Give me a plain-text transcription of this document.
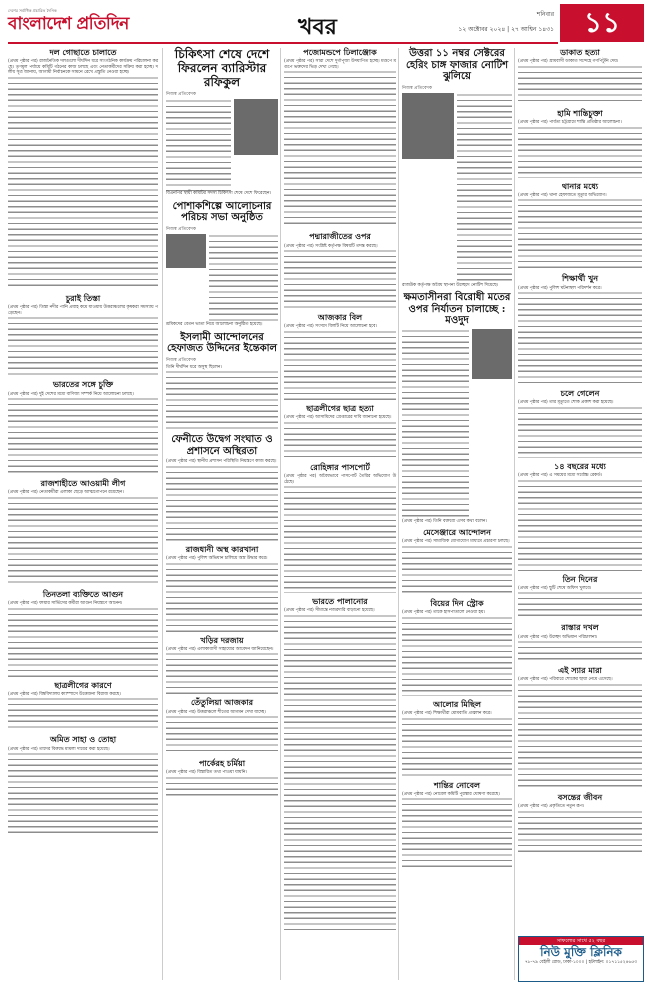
দেশের সর্বাধিক প্রচারিত দৈনিক
বাংলাদেশ প্রতিদিন	খবর	শনিবার
১২ অক্টোবর ২০২৪ | ২৭ আশ্বিন ১৪৩১	১১
দল গোছাতে চালাতে
(প্রথম পৃষ্ঠার পর) রাজনৈতিক দলগুলো দীর্ঘদিন ধরে সাংগঠনিক কার্যক্রম পরিচালনা করছে। তৃণমূল পর্যায়ে কমিটি গঠনের কাজ চলছে এবং নেতাকর্মীদের সক্রিয় করা হচ্ছে। দলীয় সূত্র জানায়, আগামী নির্বাচনকে সামনে রেখে প্রস্তুতি নেওয়া হচ্ছে।
চুরাই তিস্তা
(প্রথম পৃষ্ঠার পর) তিস্তা নদীর পানি প্রবাহ কমে যাওয়ায় উত্তরাঞ্চলের কৃষকরা সমস্যায় পড়েছেন।
ভারতের সঙ্গে চুক্তি
(প্রথম পৃষ্ঠার পর) দুই দেশের মধ্যে বাণিজ্য সম্পর্ক নিয়ে আলোচনা চলছে।
রাজশাহীতে আওয়ামী লীগ
(প্রথম পৃষ্ঠার পর) নেতাকর্মীরা এলাকা ছেড়ে আত্মগোপনে রয়েছেন।
তিনতলা ব্যক্তিতে আগুন
(প্রথম পৃষ্ঠার পর) ফায়ার সার্ভিসের কর্মীরা আগুন নিয়ন্ত্রণে আনেন।
ছাত্রলীগের কারণে
(প্রথম পৃষ্ঠার পর) বিশ্ববিদ্যালয় ক্যাম্পাসে উত্তেজনা বিরাজ করছে।
অমিত সাহা ও তোহা
(প্রথম পৃষ্ঠার পর) তাদের বিরুদ্ধে মামলা দায়ের করা হয়েছে।
চিকিৎসা শেষে দেশে ফিরলেন ব্যারিস্টার রফিকুল
নিজস্ব প্রতিবেদক
বিএনপির স্থায়ী কমিটির সদস্য চিকিৎসা শেষে দেশে ফিরেছেন।
পোশাকশিল্পে আলোচনার পরিচয় সভা অনুষ্ঠিত
নিজস্ব প্রতিবেদক
শ্রমিকদের বেতন ভাতা নিয়ে আলোচনা অনুষ্ঠিত হয়েছে।
ইসলামী আন্দোলনের হেফাজত উদ্দিনের ইন্তেকাল
নিজস্ব প্রতিবেদক
তিনি দীর্ঘদিন ধরে অসুস্থ ছিলেন।
ফেনীতে উদ্বেগ সংঘাত ও প্রশাসনে অস্থিরতা
(প্রথম পৃষ্ঠার পর) স্থানীয় প্রশাসন পরিস্থিতি নিয়ন্ত্রণে কাজ করছে।
রাজধানী অস্থ কারখানা
(প্রথম পৃষ্ঠার পর) পুলিশ অভিযান চালিয়ে অস্ত্র উদ্ধার করে।
খড়ির দরজায়
(প্রথম পৃষ্ঠার পর) এলাকাবাসী সাহায্যের আবেদন জানিয়েছেন।
তেঁতুলিয়া আজকার
(প্রথম পৃষ্ঠার পর) উত্তরাঞ্চলে শীতের আগমন দেখা যাচ্ছে।
পার্কেরহ চর্মিয়া
(প্রথম পৃষ্ঠার পর) বিস্তারিত তথ্য পাওয়া যায়নি।
পজোমন্ডপে ঢিলাঞ্জোক
(প্রথম পৃষ্ঠার পর) সারা দেশে দুর্গাপূজা উদযাপিত হচ্ছে। মণ্ডপে মণ্ডপে ভক্তদের ভিড় দেখা গেছে।
পদ্মারাজীতের ওপর
(প্রথম পৃষ্ঠার পর) সংশ্লিষ্ট কর্তৃপক্ষ বিষয়টি তদন্ত করছে।
আজকার বিল
(প্রথম পৃষ্ঠার পর) সংসদে বিলটি নিয়ে আলোচনা হবে।
ছাত্রলীগের ছাত্র হত্যা
(প্রথম পৃষ্ঠার পর) আসামিদের গ্রেপ্তারের দাবি জানানো হয়েছে।
রোহিঙ্গার পাসপোর্ট
(প্রথম পৃষ্ঠার পর) অবৈধভাবে পাসপোর্ট তৈরির অভিযোগ উঠেছে।
ভারতে পালানোর
(প্রথম পৃষ্ঠার পর) সীমান্তে নজরদারি বাড়ানো হয়েছে।
উত্তরা ১১ নম্বর সেক্টরের হেরিং চাঙ্গ ফাজার নোটিশ ঝুলিয়ে
নিজস্ব প্রতিবেদক
রাজউক কর্তৃপক্ষ অবৈধ স্থাপনা উচ্ছেদে নোটিশ দিয়েছে।
ক্ষমতাসীনরা বিরোধী মতের ওপর নির্যাতন চালাচ্ছে : মওদুদ
(প্রথম পৃষ্ঠার পর) তিনি বক্তব্যে এসব কথা বলেন।
মেসেঞ্জারে আন্দোলন
(প্রথম পৃষ্ঠার পর) সামাজিক যোগাযোগ মাধ্যমে প্রচারণা চলছে।
বিয়ের দিন স্ট্রোক
(প্রথম পৃষ্ঠার পর) তাকে হাসপাতালে নেওয়া হয়।
আলোর মিছিল
(প্রথম পৃষ্ঠার পর) শিক্ষার্থীরা মোমবাতি প্রজ্বলন করে।
শান্তির নোবেল
(প্রথম পৃষ্ঠার পর) নোবেল কমিটি পুরস্কার ঘোষণা করেছে।
ডাকাত হত্যা
(প্রথম পৃষ্ঠার পর) গ্রামবাসী ডাকাত সন্দেহে গণপিটুনি দেয়।
হামি শান্তিচুক্তা
(প্রথম পৃষ্ঠার পর) পার্বত্য চট্টগ্রামে শান্তি প্রতিষ্ঠার আলোচনা।
থানার মধ্যে
(প্রথম পৃষ্ঠার পর) থানা হেফাজতে মৃত্যুর অভিযোগ।
শিক্ষার্থী খুন
(প্রথম পৃষ্ঠার পর) পুলিশ ঘটনাস্থল পরিদর্শন করে।
চলে গেলেন
(প্রথম পৃষ্ঠার পর) তার মৃত্যুতে শোক প্রকাশ করা হয়েছে।
১৪ বছরের মধ্যে
(প্রথম পৃষ্ঠার পর) এ সময়ের মধ্যে সর্বোচ্চ রেকর্ড।
তিন দিনের
(প্রথম পৃষ্ঠার পর) ছুটি শেষে অফিস খুলবে।
রাস্তার দখল
(প্রথম পৃষ্ঠার পর) উচ্ছেদ অভিযান পরিচালনা।
এই স্যার মারা
(প্রথম পৃষ্ঠার পর) পরিবারে শোকের ছায়া নেমে এসেছে।
বসন্তের জীবন
(প্রথম পৃষ্ঠার পর) প্রকৃতিতে নতুন রূপ।
সাফল্যের সাথে ৫২ বছর
নিউ মুক্তি ক্লিনিক
৭৮-৭৯ বেইলী রোড, ঢাকা-১০০০ | হটলাইন: ০১৭১১৫২৪৬৫৩
